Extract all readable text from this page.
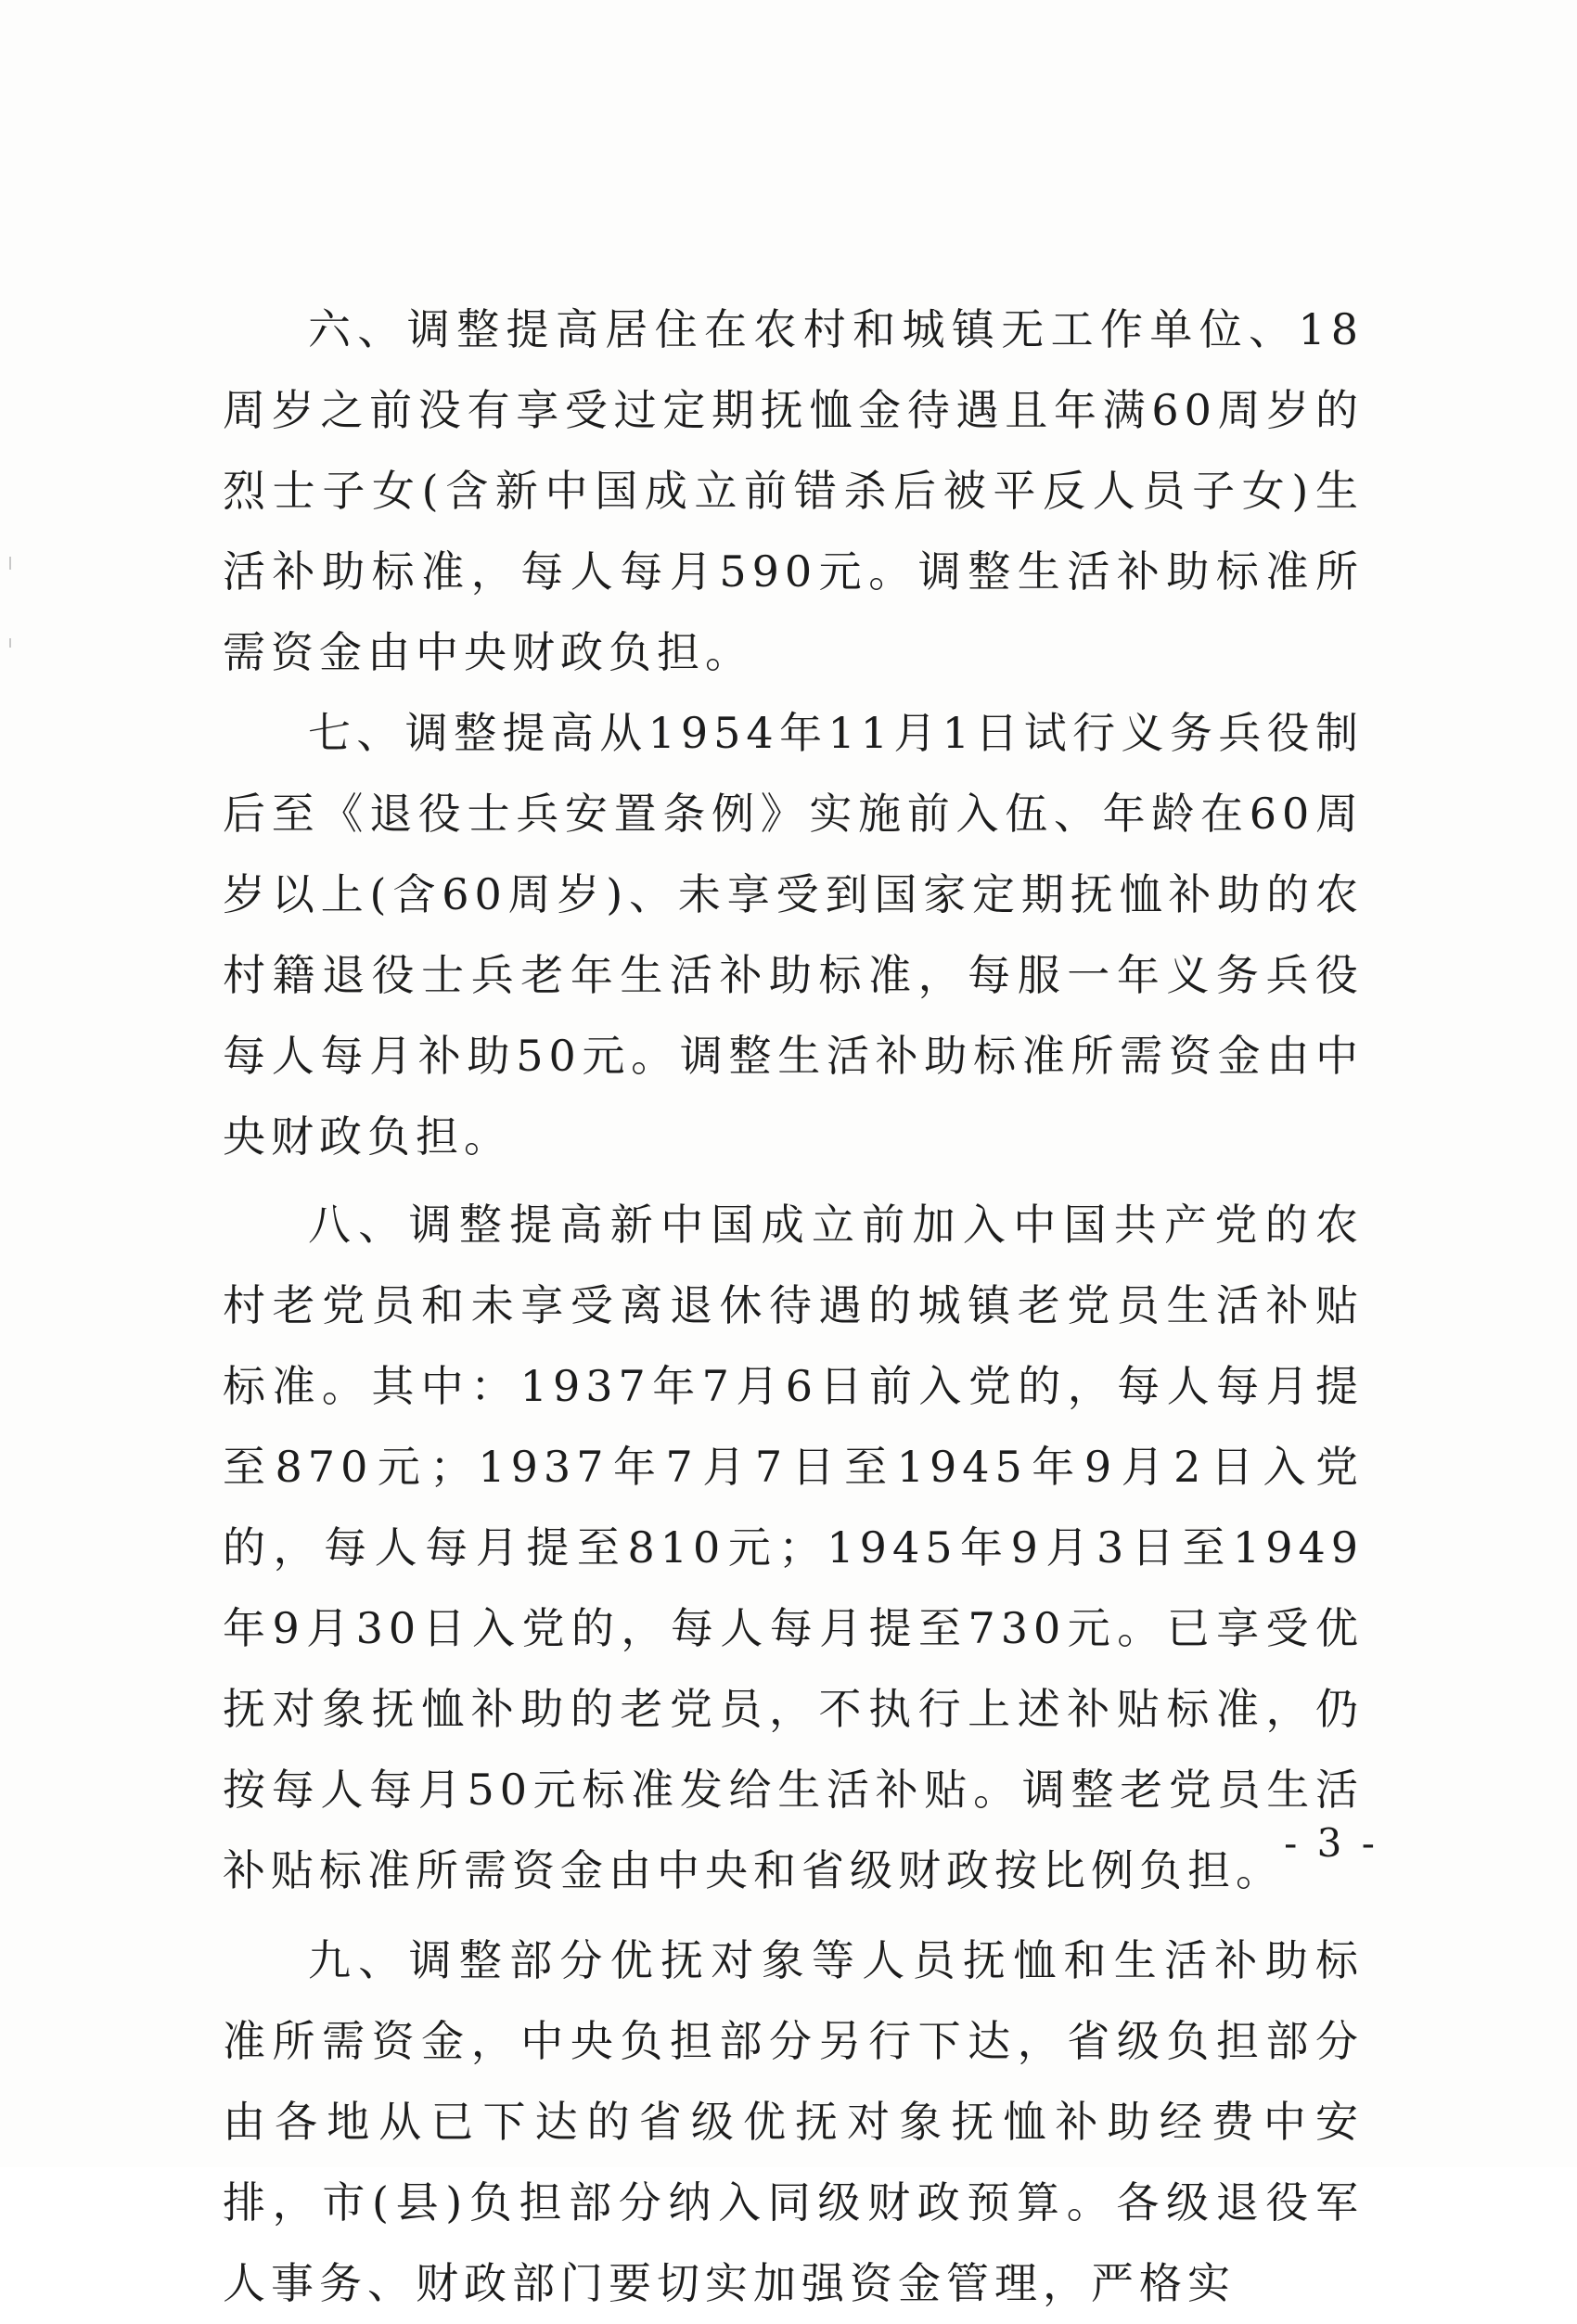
六、调整提高居住在农村和城镇无工作单位、18周岁之前没有享受过定期抚恤金待遇且年满60周岁的烈士子女(含新中国成立前错杀后被平反人员子女)生活补助标准，每人每月590元。调整生活补助标准所需资金由中央财政负担。

七、调整提高从1954年11月1日试行义务兵役制后至《退役士兵安置条例》实施前入伍、年龄在60周岁以上(含60周岁)、未享受到国家定期抚恤补助的农村籍退役士兵老年生活补助标准，每服一年义务兵役每人每月补助50元。调整生活补助标准所需资金由中央财政负担。

八、调整提高新中国成立前加入中国共产党的农村老党员和未享受离退休待遇的城镇老党员生活补贴标准。其中：1937年7月6日前入党的，每人每月提至870元；1937年7月7日至1945年9月2日入党的，每人每月提至810元；1945年9月3日至1949年9月30日入党的，每人每月提至730元。已享受优抚对象抚恤补助的老党员，不执行上述补贴标准，仍按每人每月50元标准发给生活补贴。调整老党员生活补贴标准所需资金由中央和省级财政按比例负担。

九、调整部分优抚对象等人员抚恤和生活补助标准所需资金，中央负担部分另行下达，省级负担部分由各地从已下达的省级优抚对象抚恤补助经费中安排，市(县)负担部分纳入同级财政预算。各级退役军人事务、财政部门要切实加强资金管理，严格实

- 3 -
